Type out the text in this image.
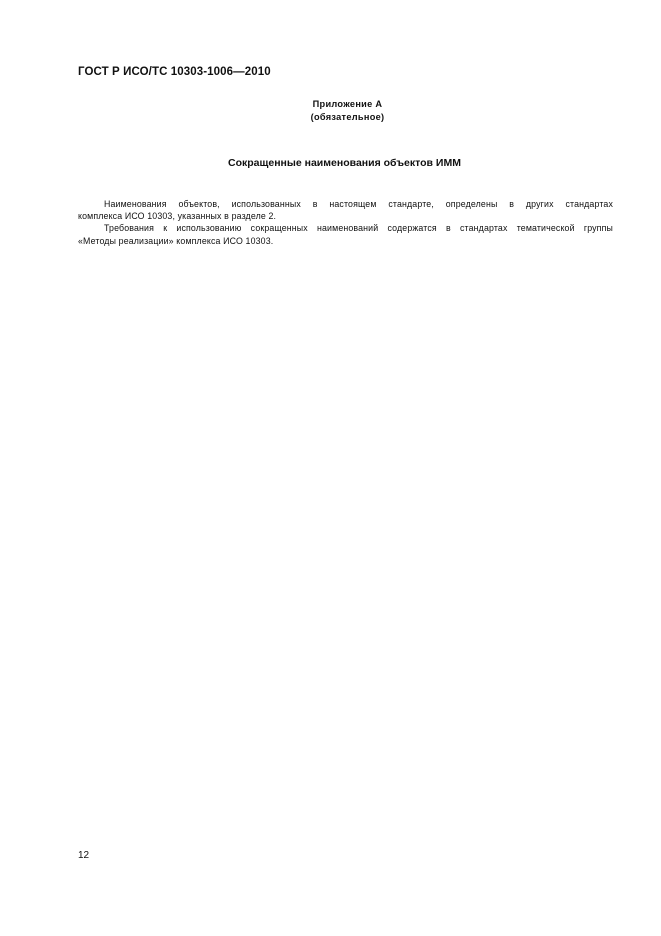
ГОСТ Р ИСО/ТС 10303-1006—2010
Приложение А
(обязательное)
Сокращенные наименования объектов ИММ

Наименования объектов, использованных в настоящем стандарте, определены в других стандартах
комплекса ИСО 10303, указанных в разделе 2.

Требования к использованию сокращенных наименований содержатся в стандартах тематической группы
«Методы реализации» комплекса ИСО 10303.

12
